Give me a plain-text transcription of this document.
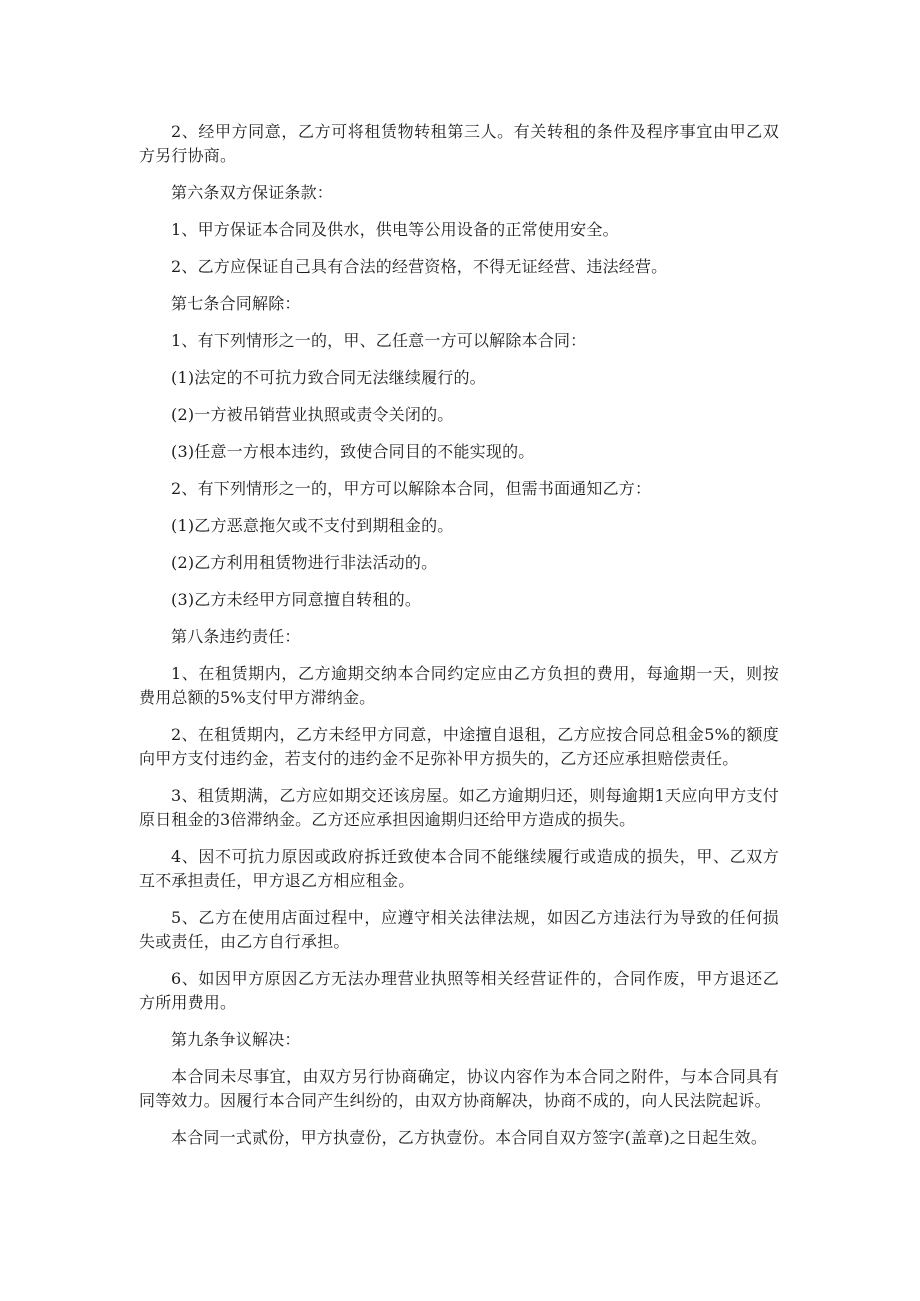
2、经甲方同意，乙方可将租赁物转租第三人。有关转租的条件及程序事宜由甲乙双方另行协商。

第六条双方保证条款：

1、甲方保证本合同及供水，供电等公用设备的正常使用安全。

2、乙方应保证自己具有合法的经营资格，不得无证经营、违法经营。

第七条合同解除：

1、有下列情形之一的，甲、乙任意一方可以解除本合同：

(1)法定的不可抗力致合同无法继续履行的。

(2)一方被吊销营业执照或责令关闭的。

(3)任意一方根本违约，致使合同目的不能实现的。

2、有下列情形之一的，甲方可以解除本合同，但需书面通知乙方：

(1)乙方恶意拖欠或不支付到期租金的。

(2)乙方利用租赁物进行非法活动的。

(3)乙方未经甲方同意擅自转租的。

第八条违约责任：

1、在租赁期内，乙方逾期交纳本合同约定应由乙方负担的费用，每逾期一天，则按费用总额的5%支付甲方滞纳金。

2、在租赁期内，乙方未经甲方同意，中途擅自退租，乙方应按合同总租金5%的额度向甲方支付违约金，若支付的违约金不足弥补甲方损失的，乙方还应承担赔偿责任。

3、租赁期满，乙方应如期交还该房屋。如乙方逾期归还，则每逾期1天应向甲方支付原日租金的3倍滞纳金。乙方还应承担因逾期归还给甲方造成的损失。

4、因不可抗力原因或政府拆迁致使本合同不能继续履行或造成的损失，甲、乙双方互不承担责任，甲方退乙方相应租金。

5、乙方在使用店面过程中，应遵守相关法律法规，如因乙方违法行为导致的任何损失或责任，由乙方自行承担。

6、如因甲方原因乙方无法办理营业执照等相关经营证件的，合同作废，甲方退还乙方所用费用。

第九条争议解决：

本合同未尽事宜，由双方另行协商确定，协议内容作为本合同之附件，与本合同具有同等效力。因履行本合同产生纠纷的，由双方协商解决，协商不成的，向人民法院起诉。

本合同一式贰份，甲方执壹份，乙方执壹份。本合同自双方签字(盖章)之日起生效。
